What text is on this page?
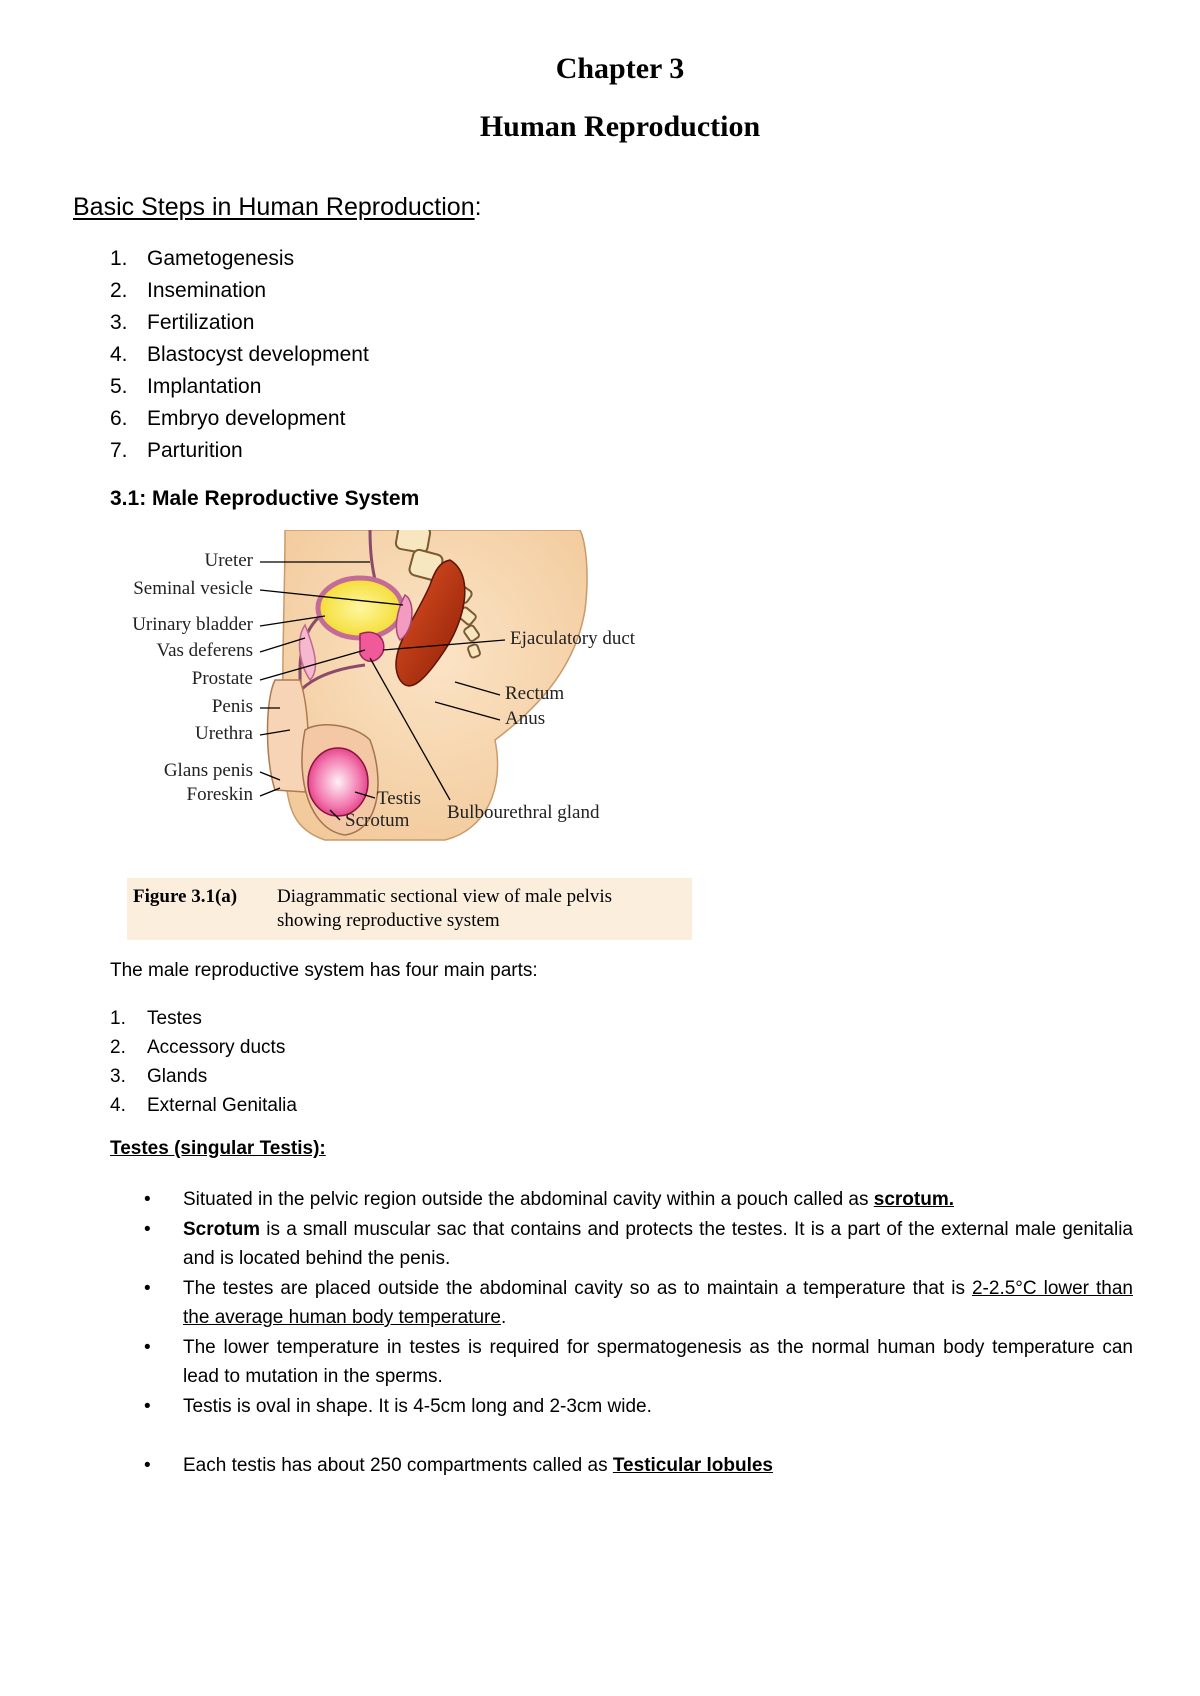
Chapter 3
Human Reproduction
Basic Steps in Human Reproduction:
1. Gametogenesis
2. Insemination
3. Fertilization
4. Blastocyst development
5. Implantation
6. Embryo development
7. Parturition
3.1: Male Reproductive System
Ureter
Seminal vesicle
Urinary bladder
Vas deferens
Prostate
Penis
Urethra
Glans penis
Foreskin
Ejaculatory duct
Rectum
Anus
Testis
Scrotum Bulbourethral gland
Figure 3.1(a) Diagrammatic sectional view of male pelvis
showing reproductive system
The male reproductive system has four main parts:
1.	Testes
2.	Accessory ducts
3.	Glands
4.	External Genitalia
Testes (singular Testis):
• Situated in the pelvic region outside the abdominal cavity within a pouch called as scrotum.
• Scrotum is a small muscular sac that contains and protects the testes. It is a part of the external male genitalia and is located behind the penis.
• The testes are placed outside the abdominal cavity so as to maintain a temperature that is 2-2.5°C lower than the average human body temperature.
• The lower temperature in testes is required for spermatogenesis as the normal human body temperature can lead to mutation in the sperms.
• Testis is oval in shape. It is 4-5cm long and 2-3cm wide.
• Each testis has about 250 compartments called as Testicular lobules
